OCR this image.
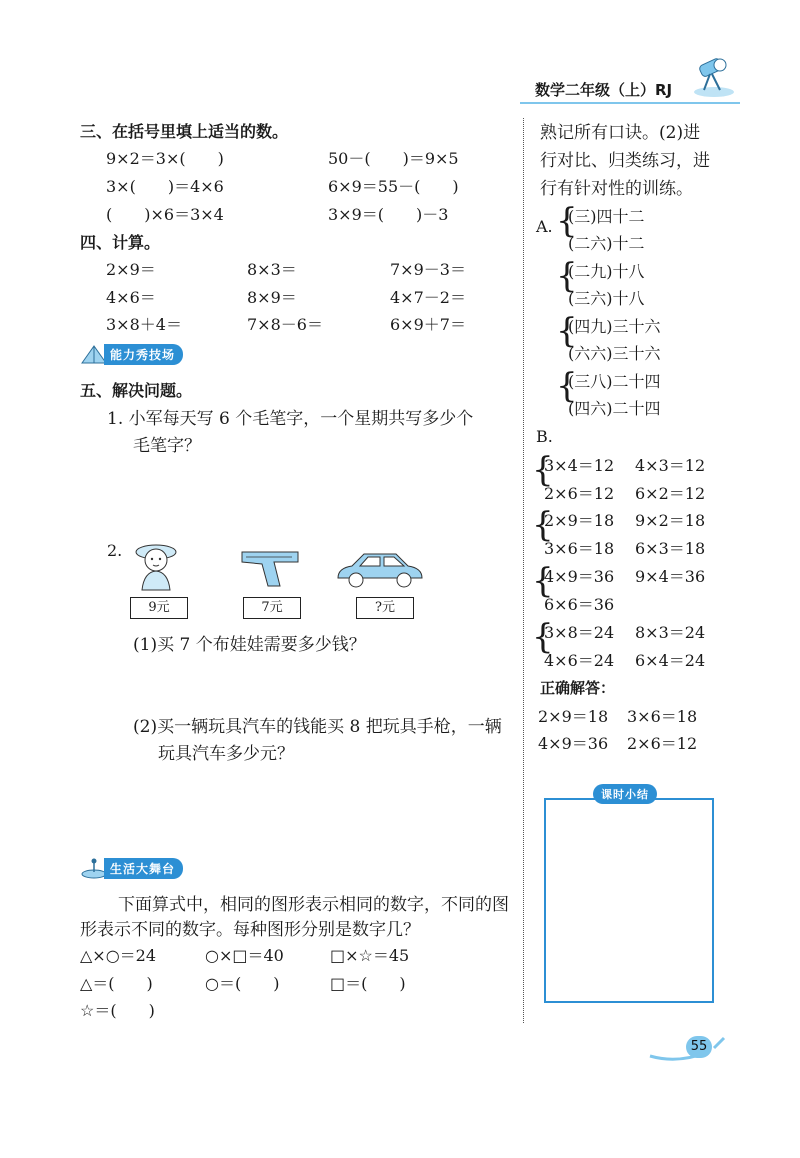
数学二年级（上）RJ
三、在括号里填上适当的数。
9×2＝3×(　　)	50－(　　)＝9×5
3×(　　)＝4×6	6×9＝55－(　　)
(　　)×6＝3×4	3×9＝(　　)－3
四、计算。
2×9＝	8×3＝	7×9－3＝
4×6＝	8×9＝	4×7－2＝
3×8＋4＝	7×8－6＝	6×9＋7＝
能力秀技场
五、解决问题。
1. 小军每天写 6 个毛笔字，一个星期共写多少个
毛笔字？
2.
9元	7元	?元
(1)买 7 个布娃娃需要多少钱？
(2)买一辆玩具汽车的钱能买 8 把玩具手枪，一辆
玩具汽车多少元？
生活大舞台
下面算式中，相同的图形表示相同的数字，不同的图
形表示不同的数字。每种图形分别是数字几？
△×○＝24	○×□＝40	□×☆＝45
△＝(　　)	○＝(　　)	□＝(　　)
☆＝(　　)
熟记所有口诀。(2)进
行对比、归类练习，进
行有针对性的训练。
A. {
(三)四十二
(二六)十二
{
(二九)十八
(三六)十八
{
(四九)三十六
(六六)三十六
{
(三八)二十四
(四六)二十四
B.
{
3×4＝12 4×3＝12
2×6＝12 6×2＝12
{
2×9＝18 9×2＝18
3×6＝18 6×3＝18
{
4×9＝36 9×4＝36
6×6＝36
{
3×8＝24 8×3＝24
4×6＝24 6×4＝24
正确解答：
2×9＝18 3×6＝18
4×9＝36 2×6＝12
课时小结
55
